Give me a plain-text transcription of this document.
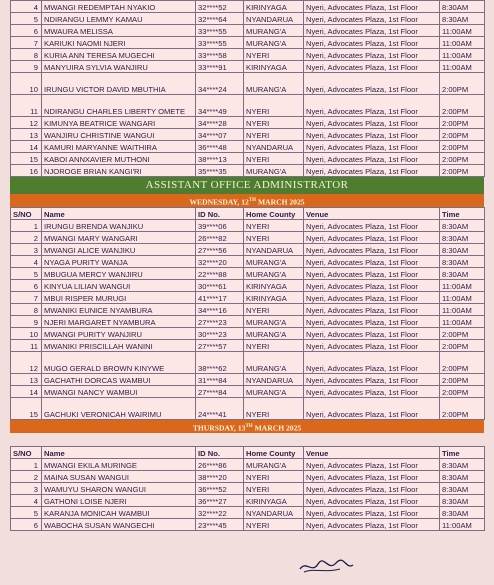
4	MWANGI REDEMPTAH NYAKIO	32****52	KIRINYAGA	Nyeri, Advocates Plaza, 1st Floor	8:30AM
5	NDIRANGU LEMMY KAMAU	32****64	NYANDARUA	Nyeri, Advocates Plaza, 1st Floor	8:30AM
6	MWAURA MELISSA	33****55	MURANG'A	Nyeri, Advocates Plaza, 1st Floor	11:00AM
7	KARIUKI NAOMI NJERI	33****55	MURANG'A	Nyeri, Advocates Plaza, 1st Floor	11:00AM
8	KURIA ANN TERESA MUGECHI	33****58	NYERI	Nyeri, Advocates Plaza, 1st Floor	11:00AM
9	MANYUIRA SYLVIA WANJIRU	33****91	KIRINYAGA	Nyeri, Advocates Plaza, 1st Floor	11:00AM
10	IRUNGU VICTOR DAVID MBUTHIA	34****24	MURANG'A	Nyeri, Advocates Plaza, 1st Floor	2:00PM
11	NDIRANGU CHARLES LIBERTY OMETE	34****49	NYERI	Nyeri, Advocates Plaza, 1st Floor	2:00PM
12	KIMUNYA BEATRICE WANGARI	34****28	NYERI	Nyeri, Advocates Plaza, 1st Floor	2:00PM
13	WANJIRU CHRISTINE WANGUI	34****07	NYERI	Nyeri, Advocates Plaza, 1st Floor	2:00PM
14	KAMURI MARYANNE WAITHIRA	36****48	NYANDARUA	Nyeri, Advocates Plaza, 1st Floor	2:00PM
15	KABOI ANNXAVIER MUTHONI	38****13	NYERI	Nyeri, Advocates Plaza, 1st Floor	2:00PM
16	NJOROGE BRIAN KANGI'RI	35****35	MURANG'A	Nyeri, Advocates Plaza, 1st Floor	2:00PM
ASSISTANT OFFICE ADMINISTRATOR
WEDNESDAY, 12TH MARCH 2025
S/NO	Name	ID No.	Home County	Venue	Time
1	IRUNGU BRENDA WANJIKU	39****06	NYERI	Nyeri, Advocates Plaza, 1st Floor	8:30AM
2	MWANGI MARY WANGARI	26****82	NYERI	Nyeri, Advocates Plaza, 1st Floor	8:30AM
3	MWANGI ALICE WANJIKU	27****56	NYANDARUA	Nyeri, Advocates Plaza, 1st Floor	8:30AM
4	NYAGA PURITY WANJA	32****20	MURANG'A	Nyeri, Advocates Plaza, 1st Floor	8:30AM
5	MBUGUA MERCY WANJIRU	22****88	MURANG'A	Nyeri, Advocates Plaza, 1st Floor	8:30AM
6	KINYUA LILIAN WANGUI	30****61	KIRINYAGA	Nyeri, Advocates Plaza, 1st Floor	11:00AM
7	MBUI RISPER MURUGI	41****17	KIRINYAGA	Nyeri, Advocates Plaza, 1st Floor	11:00AM
8	MWANIKI EUNICE NYAMBURA	34****16	NYERI	Nyeri, Advocates Plaza, 1st Floor	11:00AM
9	NJERI MARGARET NYAMBURA	27****23	MURANG'A	Nyeri, Advocates Plaza, 1st Floor	11:00AM
10	MWANGI PURITY WANJIRU	30****23	MURANG'A	Nyeri, Advocates Plaza, 1st Floor	2:00PM
11	MWANIKI PRISCILLAH WANINI	27****57	NYERI	Nyeri, Advocates Plaza, 1st Floor	2:00PM
12	MUGO GERALD BROWN KINYWE	38****62	MURANG'A	Nyeri, Advocates Plaza, 1st Floor	2:00PM
13	GACHATHI DORCAS WAMBUI	31****84	NYANDARUA	Nyeri, Advocates Plaza, 1st Floor	2:00PM
14	MWANGI NANCY WAMBUI	27****84	MURANG'A	Nyeri, Advocates Plaza, 1st Floor	2:00PM
15	GACHUKI VERONICAH WAIRIMU	24****41	NYERI	Nyeri, Advocates Plaza, 1st Floor	2:00PM
THURSDAY, 13TH MARCH 2025
S/NO	Name	ID No.	Home County	Venue	Time
1	MWANGI EKILA MURINGE	26****86	MURANG'A	Nyeri, Advocates Plaza, 1st Floor	8:30AM
2	MAINA SUSAN WANGUI	38****20	NYERI	Nyeri, Advocates Plaza, 1st Floor	8:30AM
3	WAMUYU SHARON WANGUI	36****52	NYERI	Nyeri, Advocates Plaza, 1st Floor	8:30AM
4	GATHONI LOISE NJERI	36****27	KIRINYAGA	Nyeri, Advocates Plaza, 1st Floor	8:30AM
5	KARANJA MONICAH WAMBUI	32****22	NYANDARUA	Nyeri, Advocates Plaza, 1st Floor	8:30AM
6	WABOCHA SUSAN WANGECHI	23****45	NYERI	Nyeri, Advocates Plaza, 1st Floor	11:00AM
